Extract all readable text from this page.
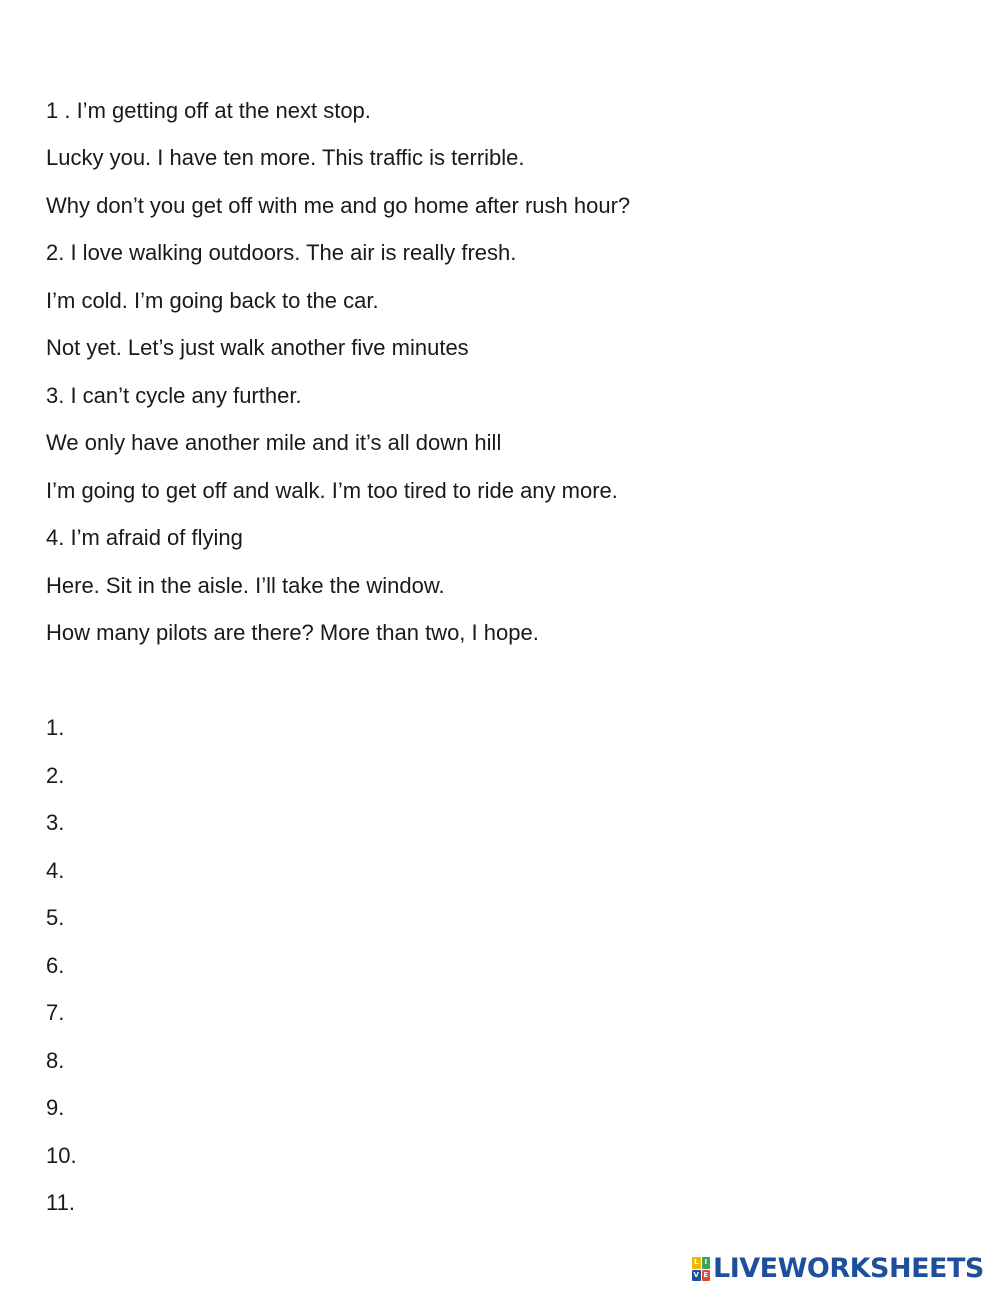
1 . I’m getting off at the next stop.
Lucky you. I have ten more. This traffic is terrible.
Why don’t you get off with me and go home after rush hour?
2. I love walking outdoors. The air is really fresh.
I’m cold. I’m going back to the car.
Not yet. Let’s just walk another five minutes
3. I can’t cycle any further.
We only have another mile and it’s all down hill
I’m going to get off and walk. I’m too tired to ride any more.
4. I’m afraid of flying
Here. Sit in the aisle. I’ll take the window.
How many pilots are there? More than two, I hope.
1.
2.
3.
4.
5.
6.
7.
8.
9.
10.
11.
L I
V E LIVEWORKSHEETS
